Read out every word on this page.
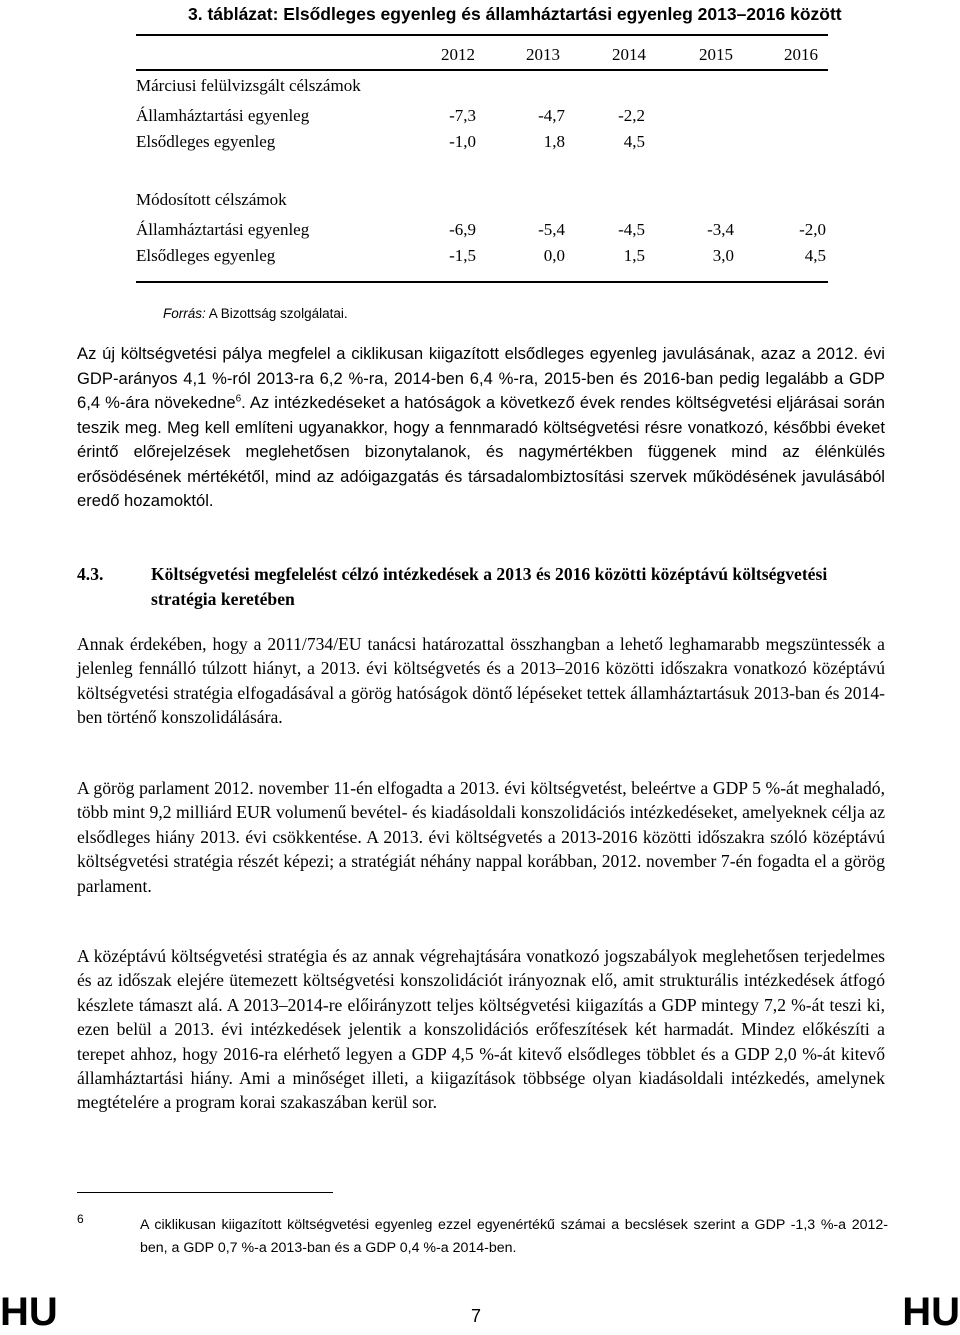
3. táblázat: Elsődleges egyenleg és államháztartási egyenleg 2013–2016 között
2012	2013	2014	2015	2016
Márciusi felülvizsgált célszámok
Államháztartási egyenleg	-7,3	-4,7	-2,2
Elsődleges egyenleg	-1,0	1,8	4,5
Módosított célszámok
Államháztartási egyenleg	-6,9	-5,4	-4,5	-3,4	-2,0
Elsődleges egyenleg	-1,5	0,0	1,5	3,0	4,5
Forrás: A Bizottság szolgálatai.
Az új költségvetési pálya megfelel a ciklikusan kiigazított elsődleges egyenleg javulásának, azaz a 2012. évi GDP-arányos 4,1 %-ról 2013-ra 6,2 %-ra, 2014-ben 6,4 %-ra, 2015-ben és 2016-ban pedig legalább a GDP 6,4 %-ára növekedne$^6$. Az intézkedéseket a hatóságok a következő évek rendes költségvetési eljárásai során teszik meg. Meg kell említeni ugyanakkor, hogy a fennmaradó költségvetési résre vonatkozó, későbbi éveket érintő előrejelzések meglehetősen bizonytalanok, és nagymértékben függenek mind az élénkülés erősödésének mértékétől, mind az adóigazgatás és társadalombiztosítási szervek működésének javulásából eredő hozamoktól.
4.3.	Költségvetési megfelelést célzó intézkedések a 2013 és 2016 közötti középtávú költségvetési stratégia keretében
Annak érdekében, hogy a 2011/734/EU tanácsi határozattal összhangban a lehető leghamarabb megszüntessék a jelenleg fennálló túlzott hiányt, a 2013. évi költségvetés és a 2013–2016 közötti időszakra vonatkozó középtávú költségvetési stratégia elfogadásával a görög hatóságok döntő lépéseket tettek államháztartásuk 2013-ban és 2014-ben történő konszolidálására.
A görög parlament 2012. november 11-én elfogadta a 2013. évi költségvetést, beleértve a GDP 5 %-át meghaladó, több mint 9,2 milliárd EUR volumenű bevétel- és kiadásoldali konszolidációs intézkedéseket, amelyeknek célja az elsődleges hiány 2013. évi csökkentése. A 2013. évi költségvetés a 2013-2016 közötti időszakra szóló középtávú költségvetési stratégia részét képezi; a stratégiát néhány nappal korábban, 2012. november 7-én fogadta el a görög parlament.
A középtávú költségvetési stratégia és az annak végrehajtására vonatkozó jogszabályok meglehetősen terjedelmes és az időszak elejére ütemezett költségvetési konszolidációt irányoznak elő, amit strukturális intézkedések átfogó készlete támaszt alá. A 2013–2014-re előirányzott teljes költségvetési kiigazítás a GDP mintegy 7,2 %-át teszi ki, ezen belül a 2013. évi intézkedések jelentik a konszolidációs erőfeszítések két harmadát. Mindez előkészíti a terepet ahhoz, hogy 2016-ra elérhető legyen a GDP 4,5 %-át kitevő elsődleges többlet és a GDP 2,0 %-át kitevő államháztartási hiány. Ami a minőséget illeti, a kiigazítások többsége olyan kiadásoldali intézkedés, amelynek megtételére a program korai szakaszában kerül sor.
6	A ciklikusan kiigazított költségvetési egyenleg ezzel egyenértékű számai a becslések szerint a GDP -1,3 %-a 2012-ben, a GDP 0,7 %-a 2013-ban és a GDP 0,4 %-a 2014-ben.
HU	7	HU
